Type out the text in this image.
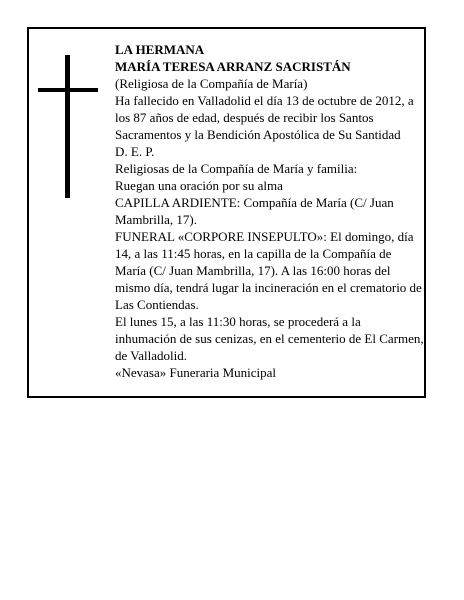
LA HERMANA

MARÍA TERESA ARRANZ SACRISTÁN

(Religiosa de la Compañía de María)

Ha fallecido en Valladolid el día 13 de octubre de 2012, a los 87 años de edad, después de recibir los Santos Sacramentos y la Bendición Apostólica de Su Santidad

D. E. P.

Religiosas de la Compañía de María y familia:

Ruegan una oración por su alma

CAPILLA ARDIENTE: Compañía de María (C/ Juan Mambrilla, 17).

FUNERAL «CORPORE INSEPULTO»: El domingo, día 14, a las 11:45 horas, en la capilla de la Compañía de María (C/ Juan Mambrilla, 17). A las 16:00 horas del mismo día, tendrá lugar la incineración en el crematorio de Las Contiendas.

El lunes 15, a las 11:30 horas, se procederá a la inhumación de sus cenizas, en el cementerio de El Carmen, de Valladolid.

«Nevasa» Funeraria Municipal
